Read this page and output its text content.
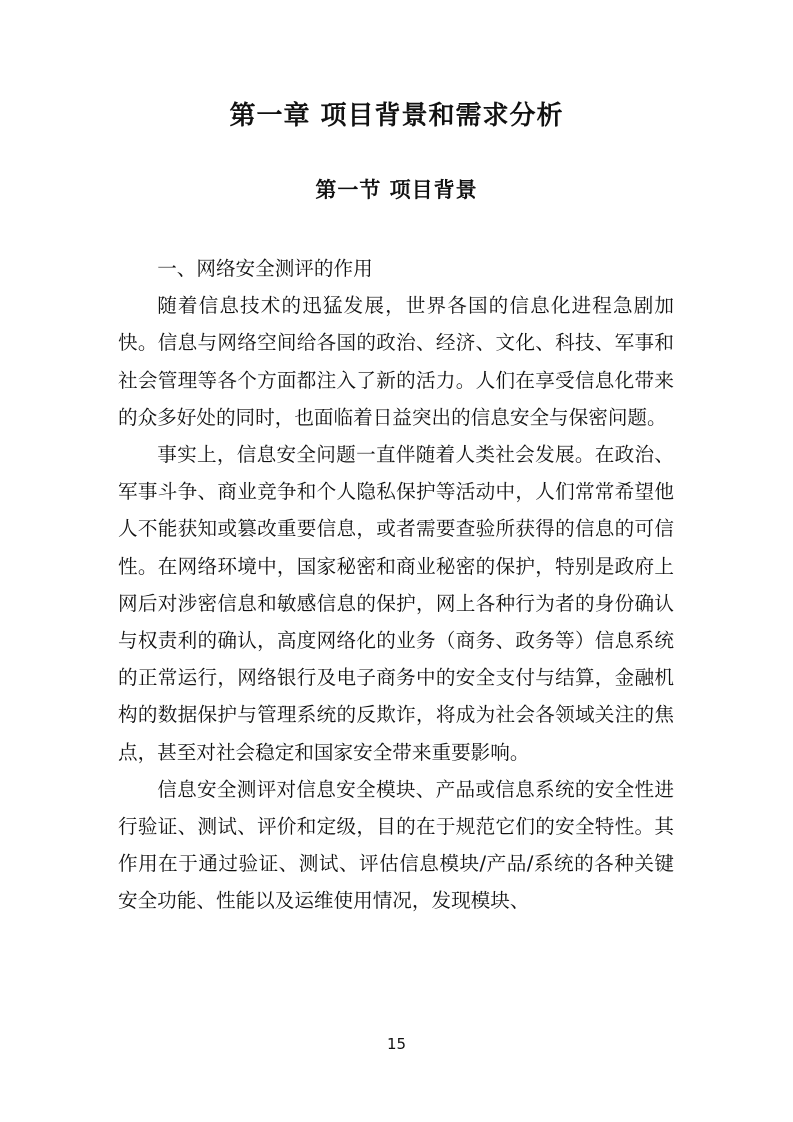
第一章 项目背景和需求分析
第一节 项目背景

一、网络安全测评的作用

随着信息技术的迅猛发展，世界各国的信息化进程急剧加快。信息与网络空间给各国的政治、经济、文化、科技、军事和社会管理等各个方面都注入了新的活力。人们在享受信息化带来的众多好处的同时，也面临着日益突出的信息安全与保密问题。

事实上，信息安全问题一直伴随着人类社会发展。在政治、军事斗争、商业竞争和个人隐私保护等活动中，人们常常希望他人不能获知或篡改重要信息，或者需要查验所获得的信息的可信性。在网络环境中，国家秘密和商业秘密的保护，特别是政府上网后对涉密信息和敏感信息的保护，网上各种行为者的身份确认与权责利的确认，高度网络化的业务（商务、政务等）信息系统的正常运行，网络银行及电子商务中的安全支付与结算，金融机构的数据保护与管理系统的反欺诈，将成为社会各领域关注的焦点，甚至对社会稳定和国家安全带来重要影响。

信息安全测评对信息安全模块、产品或信息系统的安全性进行验证、测试、评价和定级，目的在于规范它们的安全特性。其作用在于通过验证、测试、评估信息模块/产品/系统的各种关键安全功能、性能以及运维使用情况，发现模块、

15
